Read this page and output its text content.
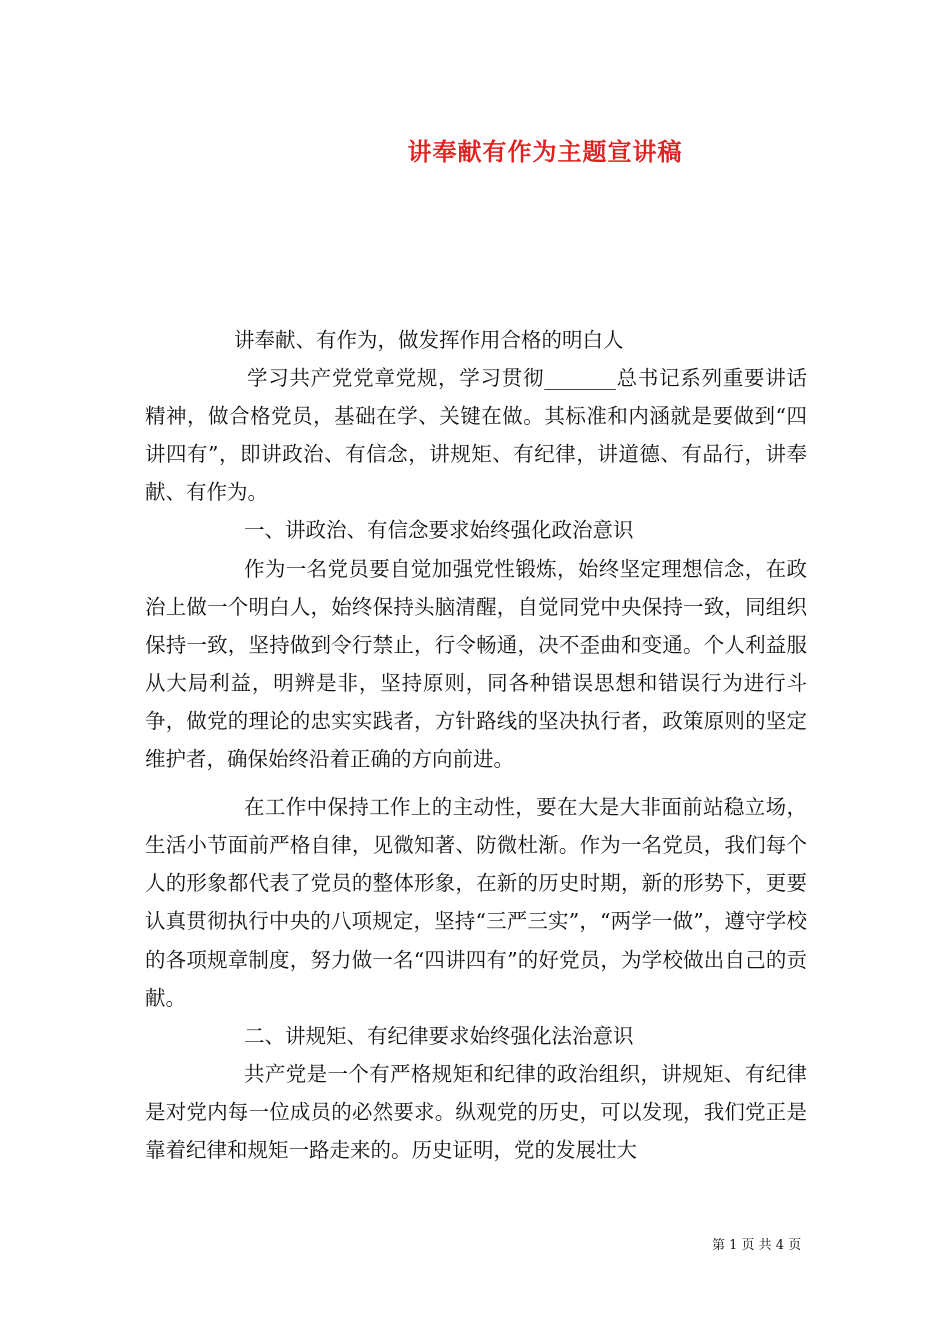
讲奉献有作为主题宣讲稿

讲奉献、有作为，做发挥作用合格的明白人

学习共产党党章党规，学习贯彻_______总书记系列重要讲话精神，做合格党员，基础在学、关键在做。其标准和内涵就是要做到“四讲四有”，即讲政治、有信念，讲规矩、有纪律，讲道德、有品行，讲奉献、有作为。

一、讲政治、有信念要求始终强化政治意识

作为一名党员要自觉加强党性锻炼，始终坚定理想信念，在政治上做一个明白人，始终保持头脑清醒，自觉同党中央保持一致，同组织保持一致，坚持做到令行禁止，行令畅通，决不歪曲和变通。个人利益服从大局利益，明辨是非，坚持原则，同各种错误思想和错误行为进行斗争，做党的理论的忠实实践者，方针路线的坚决执行者，政策原则的坚定维护者，确保始终沿着正确的方向前进。

在工作中保持工作上的主动性，要在大是大非面前站稳立场，生活小节面前严格自律，见微知著、防微杜渐。作为一名党员，我们每个人的形象都代表了党员的整体形象，在新的历史时期，新的形势下，更要认真贯彻执行中央的八项规定，坚持“三严三实”，“两学一做”，遵守学校的各项规章制度，努力做一名“四讲四有”的好党员，为学校做出自己的贡献。

二、讲规矩、有纪律要求始终强化法治意识

共产党是一个有严格规矩和纪律的政治组织，讲规矩、有纪律是对党内每一位成员的必然要求。纵观党的历史，可以发现，我们党正是靠着纪律和规矩一路走来的。历史证明，党的发展壮大

第 1 页 共 4 页
